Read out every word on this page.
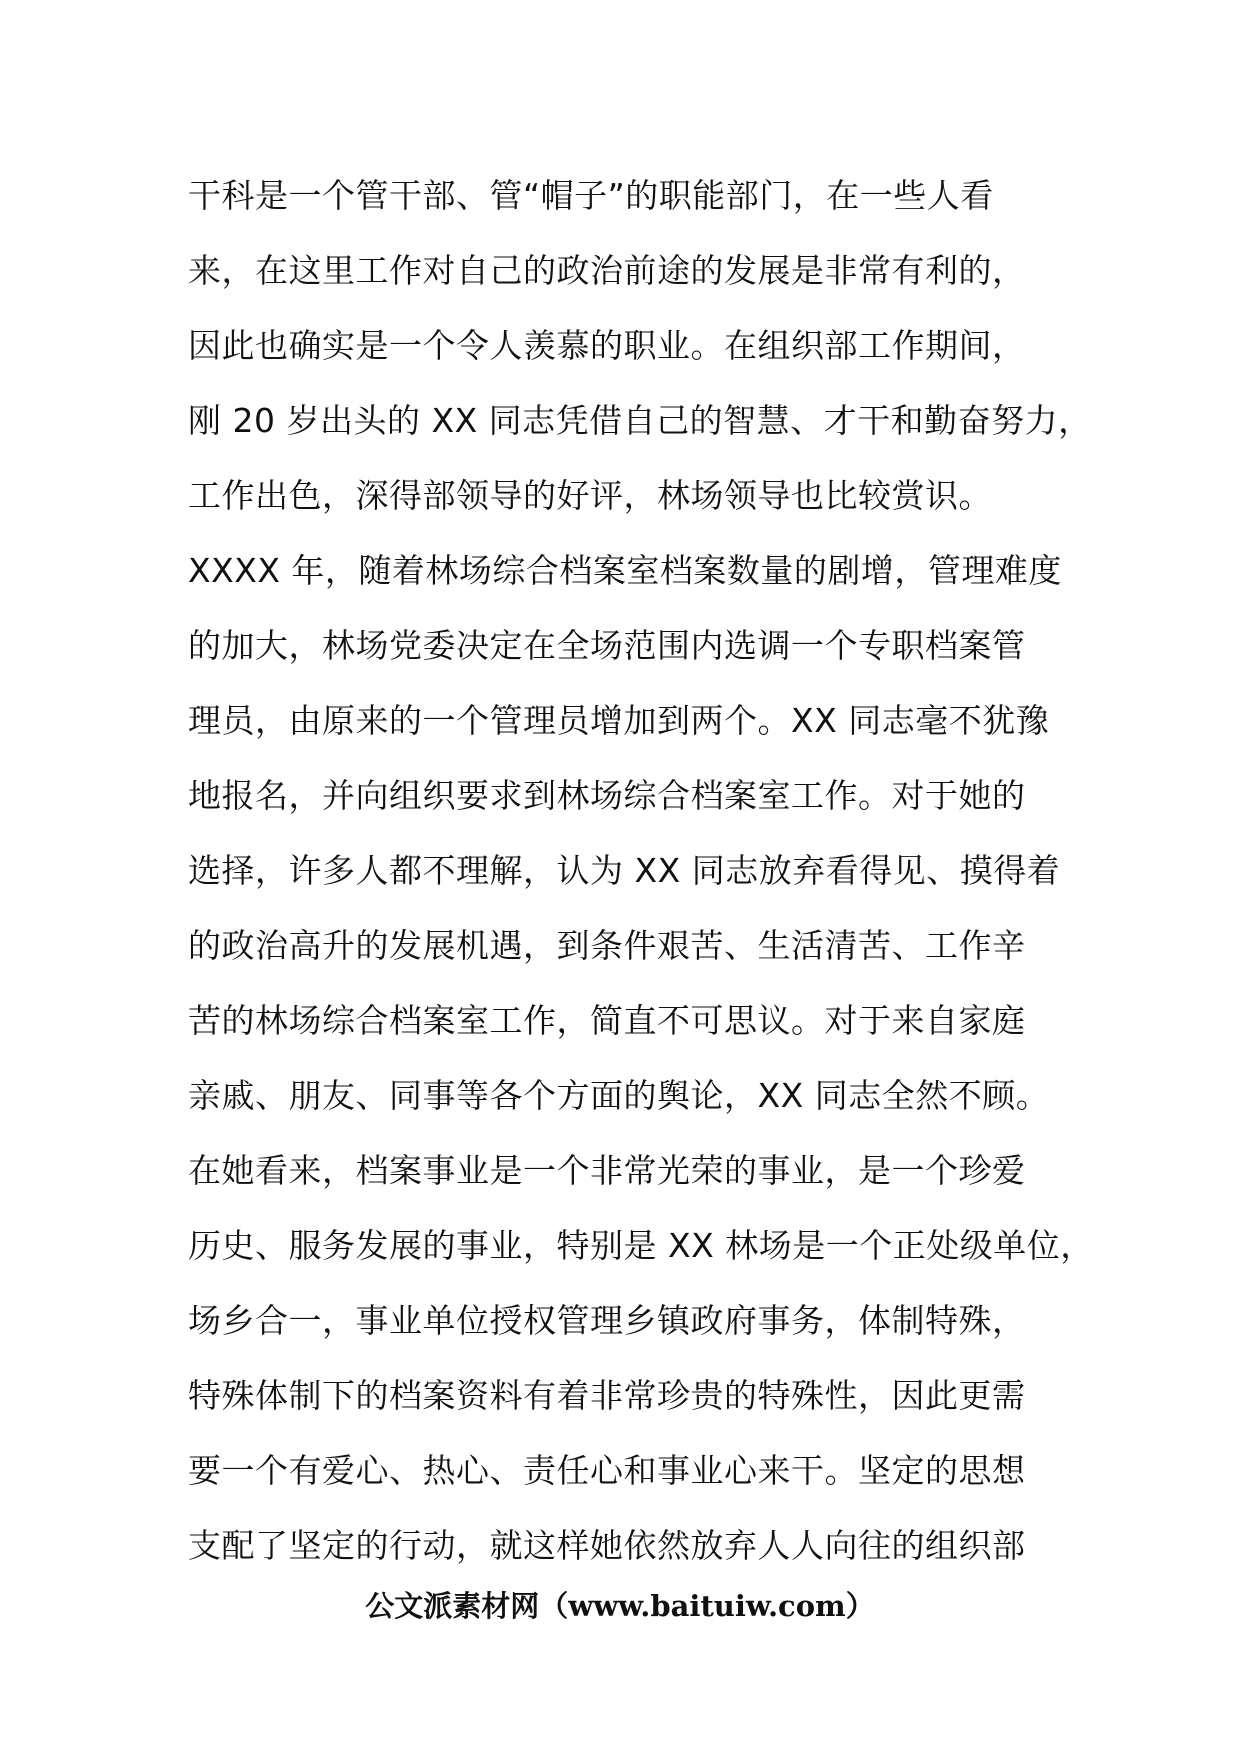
干科是一个管干部、管“帽子”的职能部门，在一些人看
来，在这里工作对自己的政治前途的发展是非常有利的，
因此也确实是一个令人羡慕的职业。在组织部工作期间，
刚 20 岁出头的 XX 同志凭借自己的智慧、才干和勤奋努力，
工作出色，深得部领导的好评，林场领导也比较赏识。
XXXX 年，随着林场综合档案室档案数量的剧增，管理难度
的加大，林场党委决定在全场范围内选调一个专职档案管
理员，由原来的一个管理员增加到两个。XX 同志毫不犹豫
地报名，并向组织要求到林场综合档案室工作。对于她的
选择，许多人都不理解，认为 XX 同志放弃看得见、摸得着
的政治高升的发展机遇，到条件艰苦、生活清苦、工作辛
苦的林场综合档案室工作，简直不可思议。对于来自家庭
亲戚、朋友、同事等各个方面的舆论，XX 同志全然不顾。
在她看来，档案事业是一个非常光荣的事业，是一个珍爱
历史、服务发展的事业，特别是 XX 林场是一个正处级单位，
场乡合一，事业单位授权管理乡镇政府事务，体制特殊，
特殊体制下的档案资料有着非常珍贵的特殊性，因此更需
要一个有爱心、热心、责任心和事业心来干。坚定的思想
支配了坚定的行动，就这样她依然放弃人人向往的组织部
公文派素材网（www.baituiw.com）
